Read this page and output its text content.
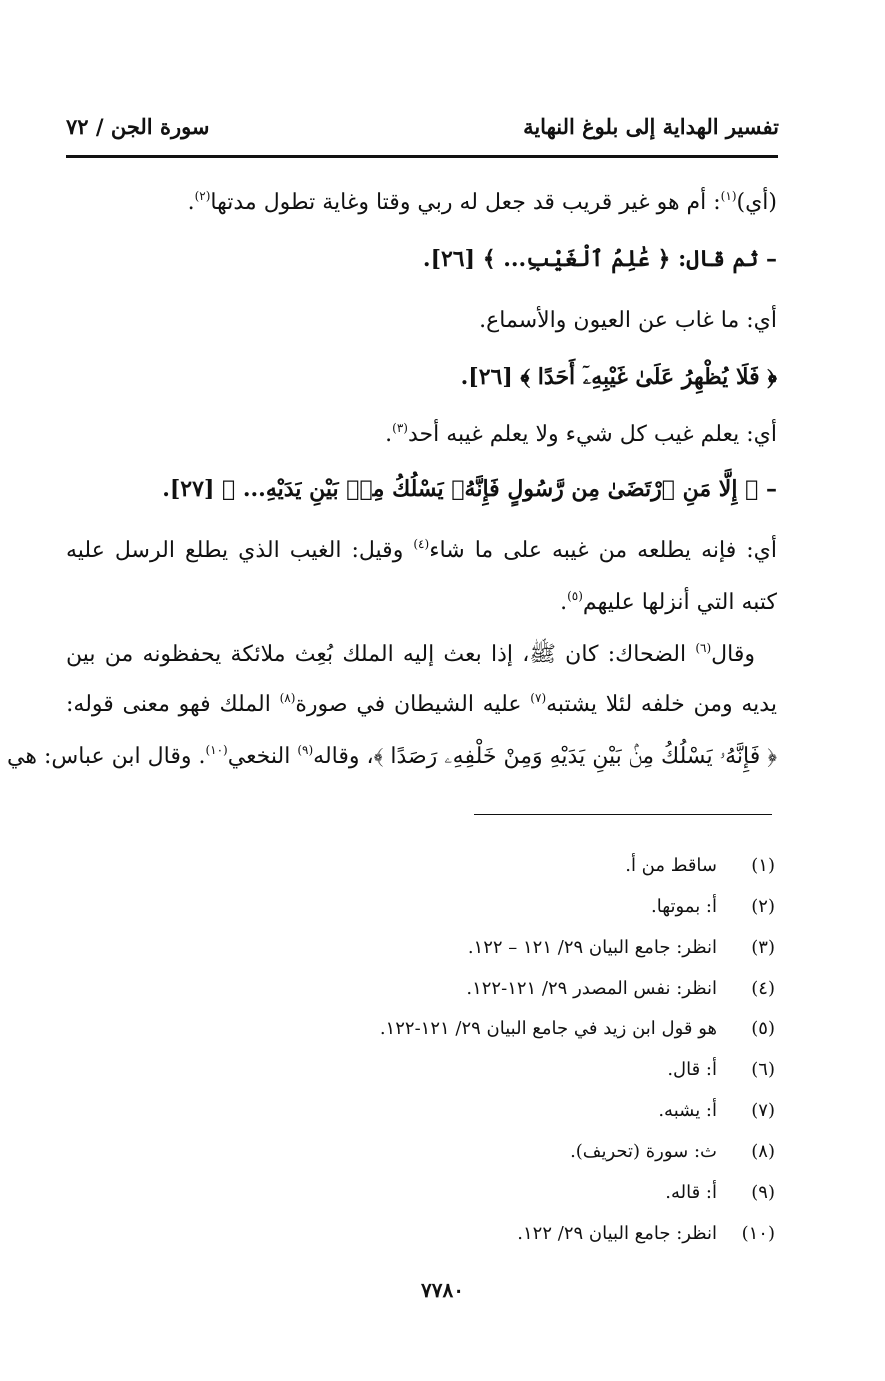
تفسير الهداية إلى بلوغ النهاية
سورة الجن / ٧٢
(أي)$^{(١)}$: أم هو غير قريب قد جعل له ربي وقتا وغاية تطول مدتها$^{(٢)}$.
– ثم قال: ﴿ عَٰلِمُ ٱلْغَيْبِ... ﴾ [٢٦].
أي: ما غاب عن العيون والأسماع.
﴿ فَلَا يُظْهِرُ عَلَىٰ غَيْبِهِۦٓ أَحَدًا ﴾ [٢٦].
أي: يعلم غيب كل شيء ولا يعلم غيبه أحد$^{(٣)}$.
– ﴿ إِلَّا مَنِ ٱرْتَضَىٰ مِن رَّسُولٍ فَإِنَّهُۥ يَسْلُكُ مِنۢ بَيْنِ يَدَيْهِ... ﴾ [٢٧].
أي: فإنه يطلعه من غيبه على ما شاء$^{(٤)}$ وقيل: الغيب الذي يطلع الرسل عليه
كتبه التي أنزلها عليهم$^{(٥)}$.
وقال$^{(٦)}$ الضحاك: كان ﷺ، إذا بعث إليه الملك بُعِث ملائكة يحفظونه من بين
يديه ومن خلفه لئلا يشتبه$^{(٧)}$ عليه الشيطان في صورة$^{(٨)}$ الملك فهو معنى قوله:
﴿ فَإِنَّهُۥ يَسْلُكُ مِنۢ بَيْنِ يَدَيْهِ وَمِنْ خَلْفِهِۦ رَصَدًا ﴾، وقاله$^{(٩)}$ النخعي$^{(١٠)}$. وقال ابن عباس: هي
(١)ساقط من أ.
(٢)أ: بموتها.
(٣)انظر: جامع البيان ٢٩/ ١٢١ – ١٢٢.
(٤)انظر: نفس المصدر ٢٩/ ١٢١-١٢٢.
(٥)هو قول ابن زيد في جامع البيان ٢٩/ ١٢١-١٢٢.
(٦)أ: قال.
(٧)أ: يشبه.
(٨)ث: سورة (تحريف).
(٩)أ: قاله.
(١٠)انظر: جامع البيان ٢٩/ ١٢٢.
٧٧٨٠
